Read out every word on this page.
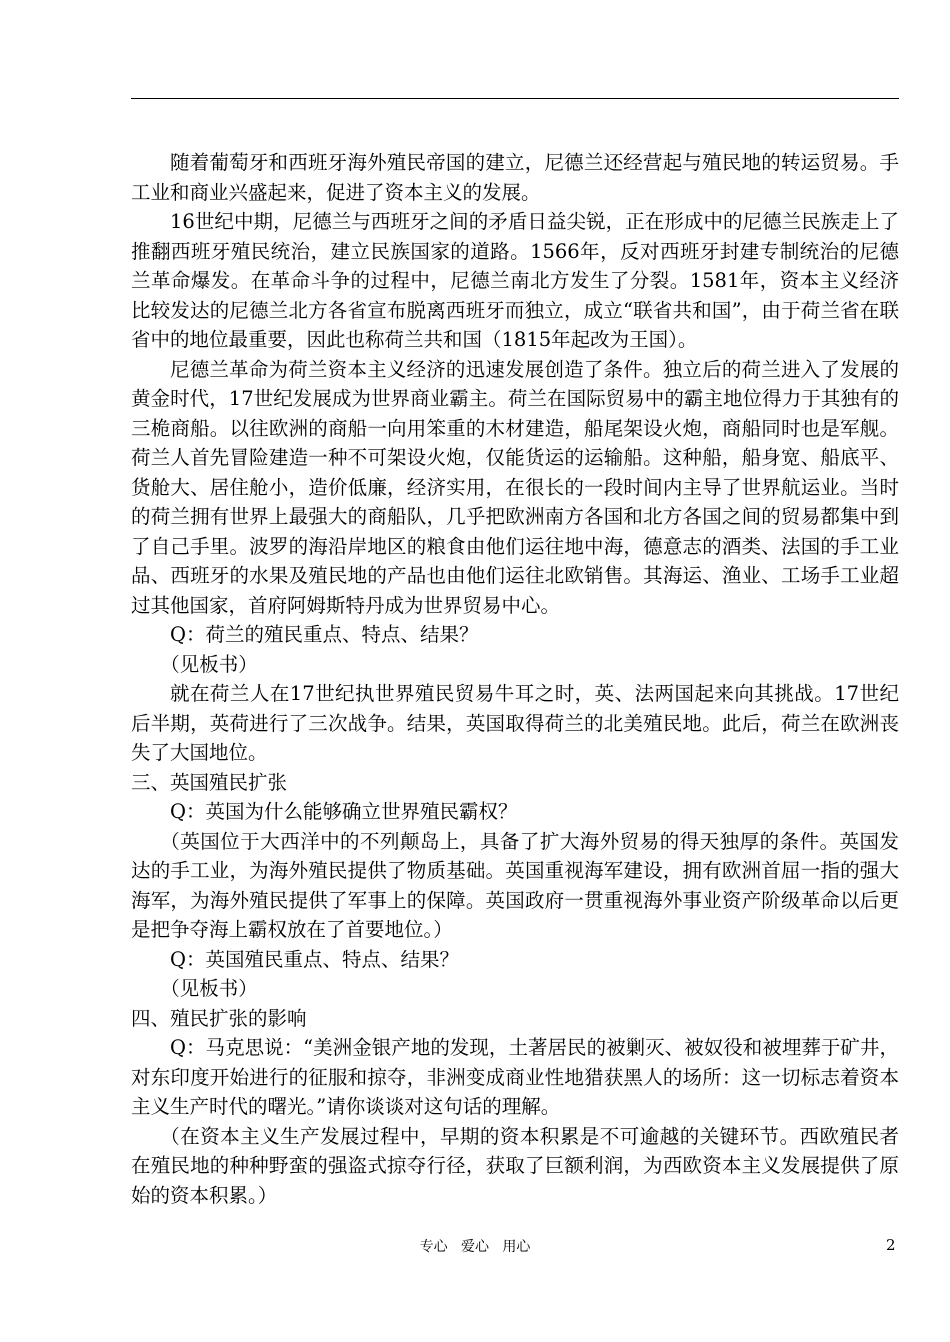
随着葡萄牙和西班牙海外殖民帝国的建立，尼德兰还经营起与殖民地的转运贸易。手工业和商业兴盛起来，促进了资本主义的发展。

16世纪中期，尼德兰与西班牙之间的矛盾日益尖锐，正在形成中的尼德兰民族走上了推翻西班牙殖民统治，建立民族国家的道路。1566年，反对西班牙封建专制统治的尼德兰革命爆发。在革命斗争的过程中，尼德兰南北方发生了分裂。1581年，资本主义经济比较发达的尼德兰北方各省宣布脱离西班牙而独立，成立“联省共和国”，由于荷兰省在联省中的地位最重要，因此也称荷兰共和国（1815年起改为王国）。

尼德兰革命为荷兰资本主义经济的迅速发展创造了条件。独立后的荷兰进入了发展的黄金时代，17世纪发展成为世界商业霸主。荷兰在国际贸易中的霸主地位得力于其独有的三桅商船。以往欧洲的商船一向用笨重的木材建造，船尾架设火炮，商船同时也是军舰。荷兰人首先冒险建造一种不可架设火炮，仅能货运的运输船。这种船，船身宽、船底平、货舱大、居住舱小，造价低廉，经济实用，在很长的一段时间内主导了世界航运业。当时的荷兰拥有世界上最强大的商船队，几乎把欧洲南方各国和北方各国之间的贸易都集中到了自己手里。波罗的海沿岸地区的粮食由他们运往地中海，德意志的酒类、法国的手工业品、西班牙的水果及殖民地的产品也由他们运往北欧销售。其海运、渔业、工场手工业超过其他国家，首府阿姆斯特丹成为世界贸易中心。

Q：荷兰的殖民重点、特点、结果？

（见板书）

就在荷兰人在17世纪执世界殖民贸易牛耳之时，英、法两国起来向其挑战。17世纪后半期，英荷进行了三次战争。结果，英国取得荷兰的北美殖民地。此后，荷兰在欧洲丧失了大国地位。

三、英国殖民扩张

Q：英国为什么能够确立世界殖民霸权？

（英国位于大西洋中的不列颠岛上，具备了扩大海外贸易的得天独厚的条件。英国发达的手工业，为海外殖民提供了物质基础。英国重视海军建设，拥有欧洲首屈一指的强大海军，为海外殖民提供了军事上的保障。英国政府一贯重视海外事业资产阶级革命以后更是把争夺海上霸权放在了首要地位。）

Q：英国殖民重点、特点、结果？

（见板书）

四、殖民扩张的影响

Q：马克思说：“美洲金银产地的发现，土著居民的被剿灭、被奴役和被埋葬于矿井，对东印度开始进行的征服和掠夺，非洲变成商业性地猎获黑人的场所：这一切标志着资本主义生产时代的曙光。”请你谈谈对这句话的理解。

（在资本主义生产发展过程中，早期的资本积累是不可逾越的关键环节。西欧殖民者在殖民地的种种野蛮的强盗式掠夺行径，获取了巨额利润，为西欧资本主义发展提供了原始的资本积累。）

专心   爱心   用心	2
